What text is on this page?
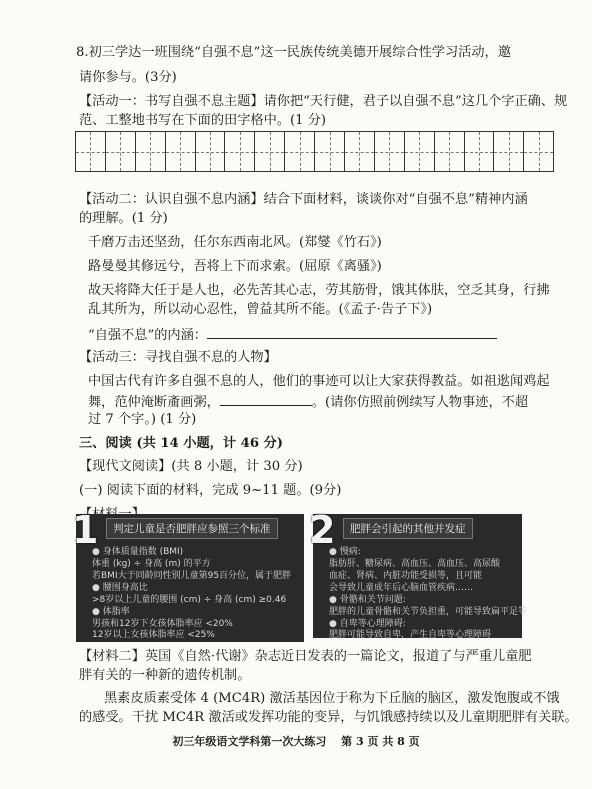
8.初三学达一班围绕“自强不息”这一民族传统美德开展综合性学习活动，邀
请你参与。(3分)
【活动一：书写自强不息主题】请你把“天行健，君子以自强不息”这几个字正确、规
范、工整地书写在下面的田字格中。(1 分)
【活动二：认识自强不息内涵】结合下面材料，谈谈你对“自强不息”精神内涵
的理解。(1 分)
千磨万击还坚劲，任尔东西南北风。(郑燮《竹石》)
路曼曼其修远兮，吾将上下而求索。(屈原《离骚》)
故天将降大任于是人也，必先苦其心志，劳其筋骨，饿其体肤，空乏其身，行拂
乱其所为，所以动心忍性，曾益其所不能。(《孟子·告子下》)
“自强不息”的内涵：
【活动三：寻找自强不息的人物】
中国古代有许多自强不息的人，他们的事迹可以让大家获得教益。如祖逖闻鸡起
舞，范仲淹断齑画粥，	。(请你仿照前例续写人物事迹，不超
过 7 个字。) (1 分)
三、阅读 (共 14 小题，计 46 分)
【现代文阅读】(共 8 小题，计 30 分)
(一) 阅读下面的材料，完成 9~11 题。(9分)
1	判定儿童是否肥胖应参照三个标准
● 身体质量指数 (BMI)
体重 (kg) ÷ 身高 (m) 的平方
若BMI大于同龄同性别儿童第95百分位，属于肥胖
● 腰围身高比
>8岁以上儿童的腰围 (cm) ÷ 身高 (cm) ≥0.46
● 体脂率
男孩和12岁下女孩体脂率应 <20%
12岁以上女孩体脂率应 <25%
2	肥胖会引起的其他并发症
● 慢病:
脂肪肝、糖尿病、高血压、高血压、高尿酸
血症、肾病、内脏功能受损等，且可能
会导致儿童成年后心脑血管疾病……
● 骨骼和关节问题:
肥胖的儿童骨骼和关节负担重，可能导致扁平足等
● 自卑等心理障碍:
肥胖可能导致自卑，产生自卑等心理障碍
【材料二】英国《自然·代谢》杂志近日发表的一篇论文，报道了与严重儿童肥
胖有关的一种新的遗传机制。
黑素皮质素受体 4 (MC4R) 激活基因位于称为下丘脑的脑区，激发饱腹或不饿
的感受。干扰 MC4R 激活或发挥功能的变异，与饥饿感持续以及儿童期肥胖有关联。
初三年级语文学科第一次大练习　 第 3 页 共 8 页
